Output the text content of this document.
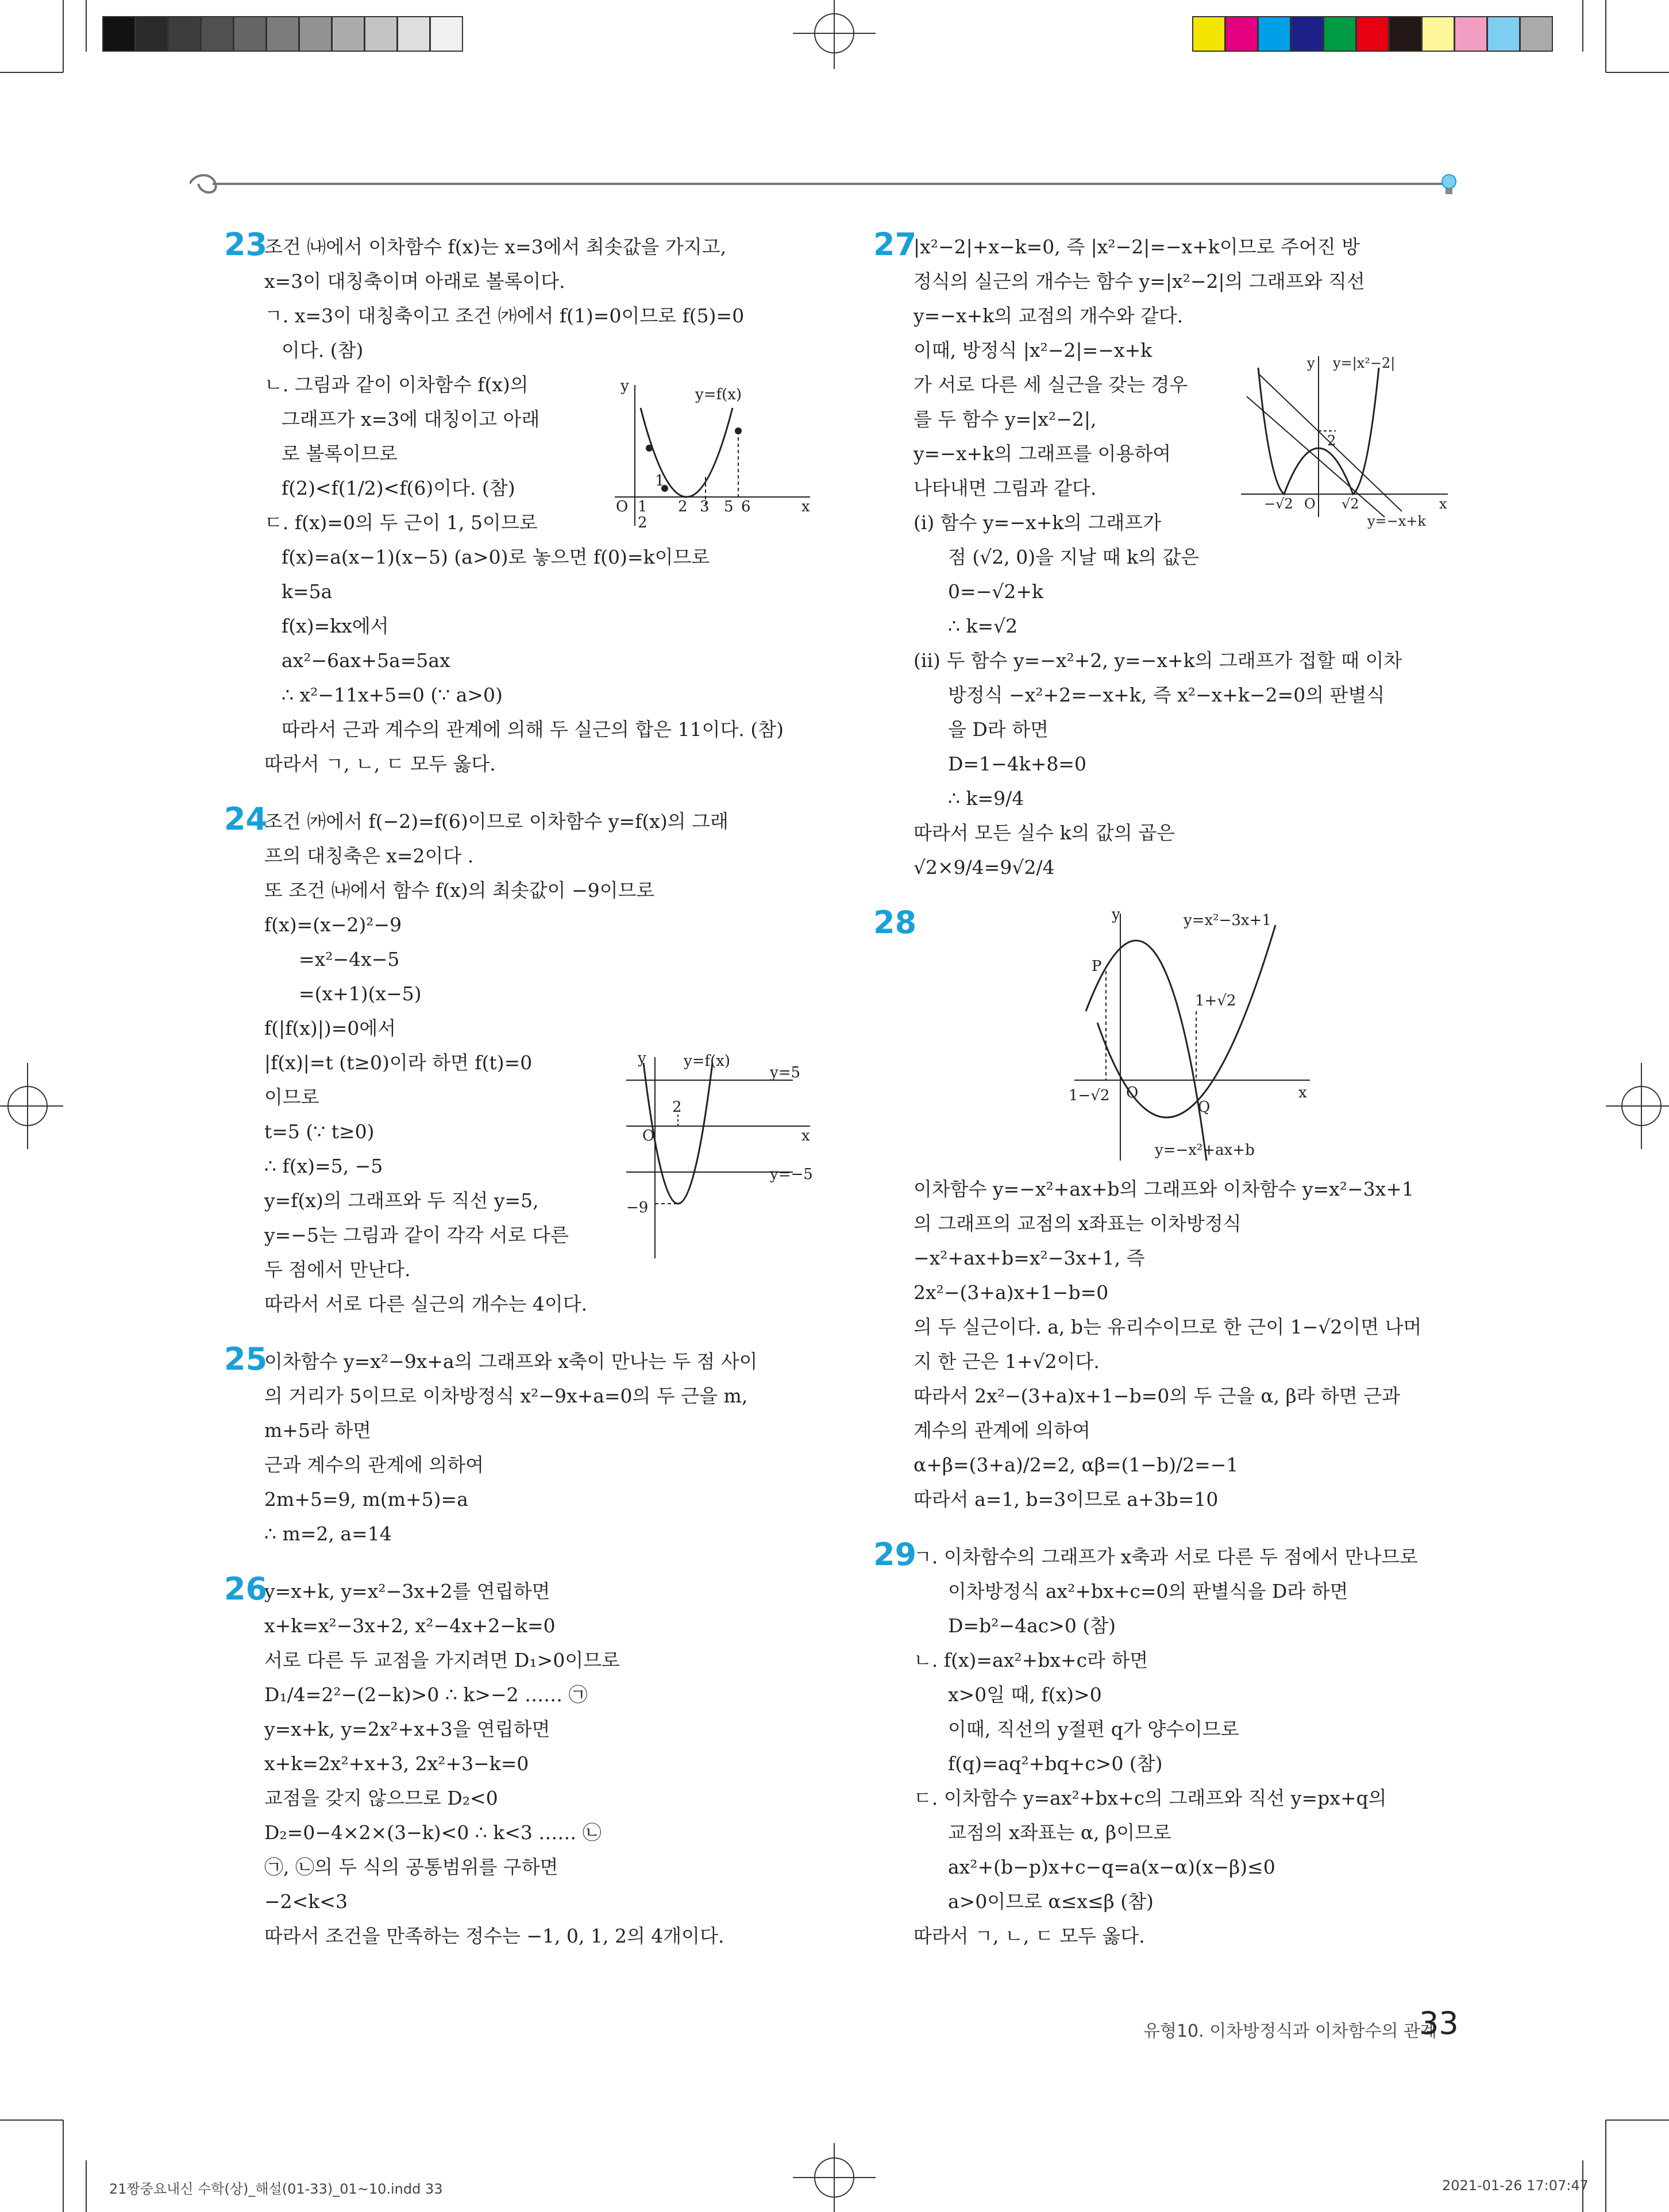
23
조건 ㈏에서 이차함수 f(x)는 x=3에서 최솟값을 가지고,
x=3이 대칭축이며 아래로 볼록이다.
ㄱ. x=3이 대칭축이고 조건 ㈎에서 f(1)=0이므로 f(5)=0
이다. (참)
ㄴ. 그림과 같이 이차함수 f(x)의
그래프가 x=3에 대칭이고 아래
로 볼록이므로
f(2)<f(1/2)<f(6)이다. (참)
ㄷ. f(x)=0의 두 근이 1, 5이므로
f(x)=a(x−1)(x−5) (a>0)로 놓으면 f(0)=k이므로
k=5a
f(x)=kx에서
ax²−6ax+5a=5ax
∴ x²−11x+5=0 (∵ a>0)
따라서 근과 계수의 관계에 의해 두 실근의 합은 11이다. (참)
따라서 ㄱ, ㄴ, ㄷ 모두 옳다.
y	y=f(x)
O	x
1
1
2
2 3 5 6
24
조건 ㈎에서 f(−2)=f(6)이므로 이차함수 y=f(x)의 그래
프의 대칭축은 x=2이다 .
또 조건 ㈏에서 함수 f(x)의 최솟값이 −9이므로
f(x)=(x−2)²−9
=x²−4x−5
=(x+1)(x−5)
f(|f(x)|)=0에서
|f(x)|=t (t≥0)이라 하면 f(t)=0
이므로
t=5 (∵ t≥0)
∴ f(x)=5, −5
y=f(x)의 그래프와 두 직선 y=5,
y=−5는 그림과 같이 각각 서로 다른
두 점에서 만난다.
따라서 서로 다른 실근의 개수는 4이다.
y	y=f(x)
y=5
y=−5
2
O	x
−9
25
이차함수 y=x²−9x+a의 그래프와 x축이 만나는 두 점 사이
의 거리가 5이므로 이차방정식 x²−9x+a=0의 두 근을 m,
m+5라 하면
근과 계수의 관계에 의하여
2m+5=9, m(m+5)=a
∴ m=2, a=14
26
y=x+k, y=x²−3x+2를 연립하면
x+k=x²−3x+2, x²−4x+2−k=0
서로 다른 두 교점을 가지려면 D₁>0이므로
D₁/4=2²−(2−k)>0 ∴ k>−2 …… ㉠
y=x+k, y=2x²+x+3을 연립하면
x+k=2x²+x+3, 2x²+3−k=0
교점을 갖지 않으므로 D₂<0
D₂=0−4×2×(3−k)<0 ∴ k<3 …… ㉡
㉠, ㉡의 두 식의 공통범위를 구하면
−2<k<3
따라서 조건을 만족하는 정수는 −1, 0, 1, 2의 4개이다.
27
|x²−2|+x−k=0, 즉 |x²−2|=−x+k이므로 주어진 방
정식의 실근의 개수는 함수 y=|x²−2|의 그래프와 직선
y=−x+k의 교점의 개수와 같다.
이때, 방정식 |x²−2|=−x+k
가 서로 다른 세 실근을 갖는 경우
를 두 함수 y=|x²−2|,
y=−x+k의 그래프를 이용하여
나타내면 그림과 같다.
(ⅰ) 함수 y=−x+k의 그래프가
점 (√2, 0)을 지날 때 k의 값은
0=−√2+k
∴ k=√2
(ⅱ) 두 함수 y=−x²+2, y=−x+k의 그래프가 접할 때 이차
방정식 −x²+2=−x+k, 즉 x²−x+k−2=0의 판별식
을 D라 하면
D=1−4k+8=0
∴ k=9/4
따라서 모든 실수 k의 값의 곱은
√2×9/4=9√2/4
y y=|x²−2|
2
O	x
−√2	√2
y=−x+k
28	y	y=x²−3x+1
P
1+√2
1−√2 O	x
Q
y=−x²+ax+b
이차함수 y=−x²+ax+b의 그래프와 이차함수 y=x²−3x+1
의 그래프의 교점의 x좌표는 이차방정식
−x²+ax+b=x²−3x+1, 즉
2x²−(3+a)x+1−b=0
의 두 실근이다. a, b는 유리수이므로 한 근이 1−√2이면 나머
지 한 근은 1+√2이다.
따라서 2x²−(3+a)x+1−b=0의 두 근을 α, β라 하면 근과
계수의 관계에 의하여
α+β=(3+a)/2=2, αβ=(1−b)/2=−1
따라서 a=1, b=3이므로 a+3b=10
29
ㄱ. 이차함수의 그래프가 x축과 서로 다른 두 점에서 만나므로
이차방정식 ax²+bx+c=0의 판별식을 D라 하면
D=b²−4ac>0 (참)
ㄴ. f(x)=ax²+bx+c라 하면
x>0일 때, f(x)>0
이때, 직선의 y절편 q가 양수이므로
f(q)=aq²+bq+c>0 (참)
ㄷ. 이차함수 y=ax²+bx+c의 그래프와 직선 y=px+q의
교점의 x좌표는 α, β이므로
ax²+(b−p)x+c−q=a(x−α)(x−β)≤0
a>0이므로 α≤x≤β (참)
따라서 ㄱ, ㄴ, ㄷ 모두 옳다.
유형10. 이차방정식과 이차함수의 관계
33
21짱중요내신 수학(상)_해설(01-33)_01~10.indd 33	2021-01-26 17:07:47
